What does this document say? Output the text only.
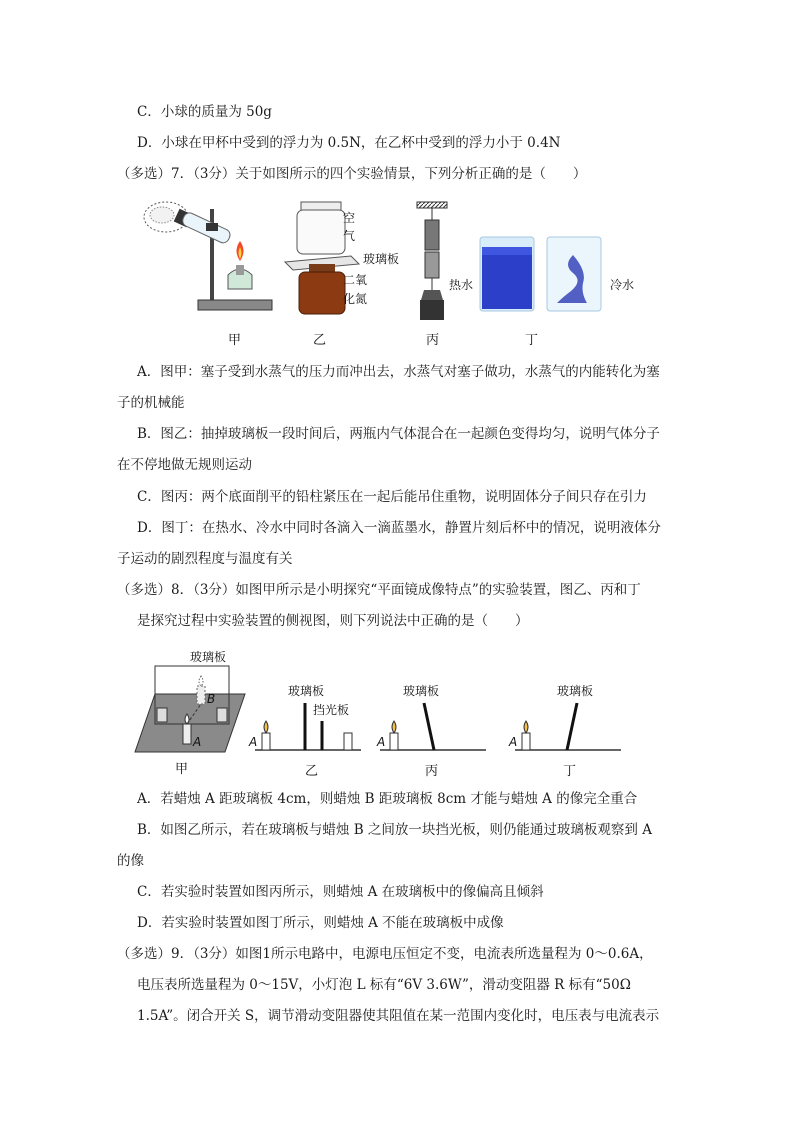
C．小球的质量为 50g
D．小球在甲杯中受到的浮力为 0.5N，在乙杯中受到的浮力小于 0.4N
（多选）7．（3分）关于如图所示的四个实验情景，下列分析正确的是（　　）
甲
空
气
玻璃板
二氧
化氮
乙	丙
热水	冷水
丁
A．图甲：塞子受到水蒸气的压力而冲出去，水蒸气对塞子做功，水蒸气的内能转化为塞
子的机械能
B．图乙：抽掉玻璃板一段时间后，两瓶内气体混合在一起颜色变得均匀，说明气体分子
在不停地做无规则运动
C．图丙：两个底面削平的铅柱紧压在一起后能吊住重物，说明固体分子间只存在引力
D．图丁：在热水、冷水中同时各滴入一滴蓝墨水，静置片刻后杯中的情况，说明液体分
子运动的剧烈程度与温度有关
（多选）8．（3分）如图甲所示是小明探究“平面镜成像特点”的实验装置，图乙、丙和丁
是探究过程中实验装置的侧视图，则下列说法中正确的是（　　）
玻璃板
B
A
甲
玻璃板
挡光板
A
乙
玻璃板
A
丙
玻璃板
A
丁
A．若蜡烛 A 距玻璃板 4cm，则蜡烛 B 距玻璃板 8cm 才能与蜡烛 A 的像完全重合
B．如图乙所示，若在玻璃板与蜡烛 B 之间放一块挡光板，则仍能通过玻璃板观察到 A
的像
C．若实验时装置如图丙所示，则蜡烛 A 在玻璃板中的像偏高且倾斜
D．若实验时装置如图丁所示，则蜡烛 A 不能在玻璃板中成像
（多选）9．（3分）如图1所示电路中，电源电压恒定不变，电流表所选量程为 0～0.6A，
电压表所选量程为 0～15V，小灯泡 L 标有“6V 3.6W”，滑动变阻器 R 标有“50Ω
1.5A”。闭合开关 S，调节滑动变阻器使其阻值在某一范围内变化时，电压表与电流表示
